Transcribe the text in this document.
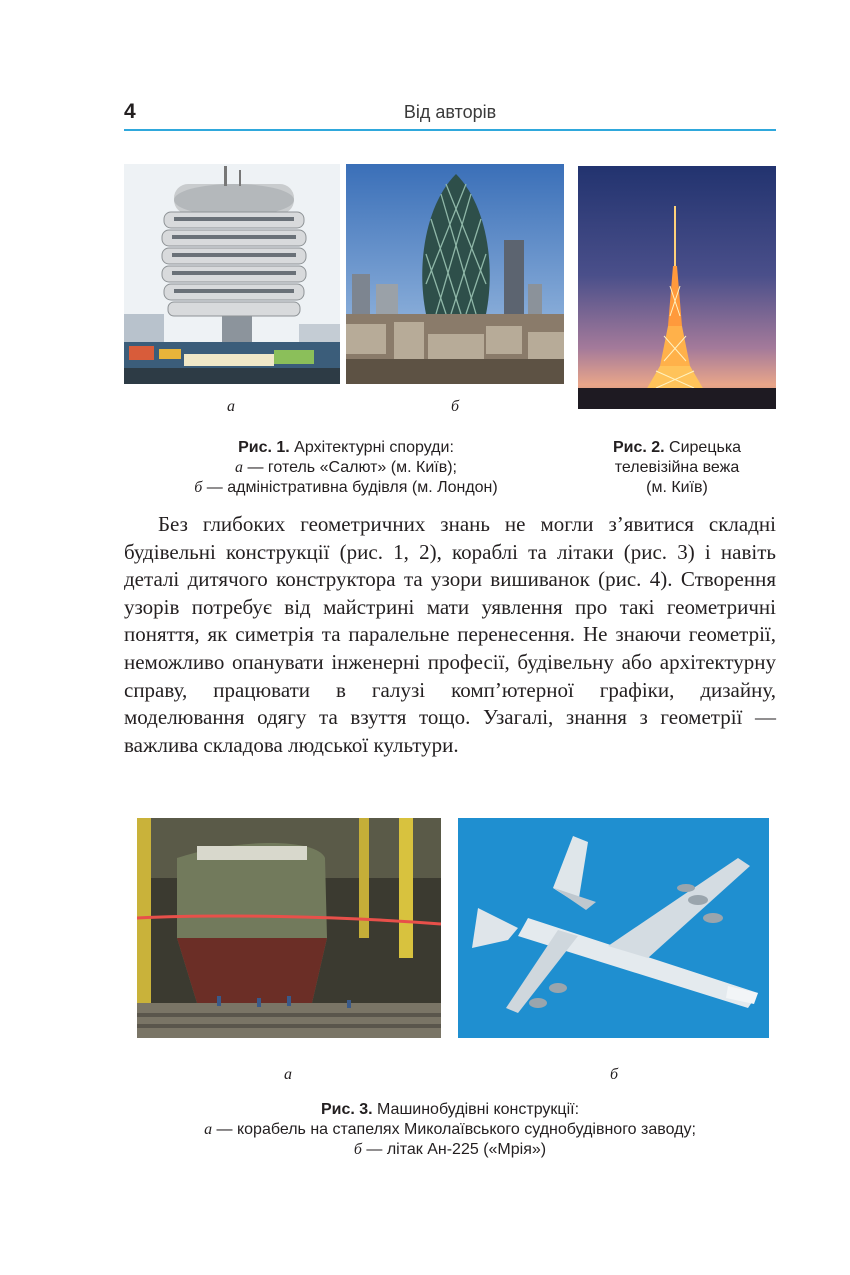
4	Від авторів
а	б
Рис. 1. Архітектурні споруди:
а — готель «Салют» (м. Київ);
б — адміністративна будівля (м. Лондон)
Рис. 2. Сирецька
телевізійна вежа
(м. Київ)

Без глибоких геометричних знань не могли з’явитися складні будівельні конструкції (рис. 1, 2), кораблі та літаки (рис. 3) і навіть деталі дитячого конструктора та узори вишиванок (рис. 4). Створення узорів потребує від майстрині мати уявлення про такі геометричні поняття, як симетрія та паралельне перенесення. Не знаючи геометрії, неможливо опанувати інженерні професії, будівельну або архітектурну справу, працювати в галузі комп’ютерної графіки, дизайну, моделювання одягу та взуття тощо. Узагалі, знання з геометрії — важлива складова людської культури.

а	б
Рис. 3. Машинобудівні конструкції:
а — корабель на стапелях Миколаївського суднобудівного заводу;
б — літак Ан-225 («Мрія»)
